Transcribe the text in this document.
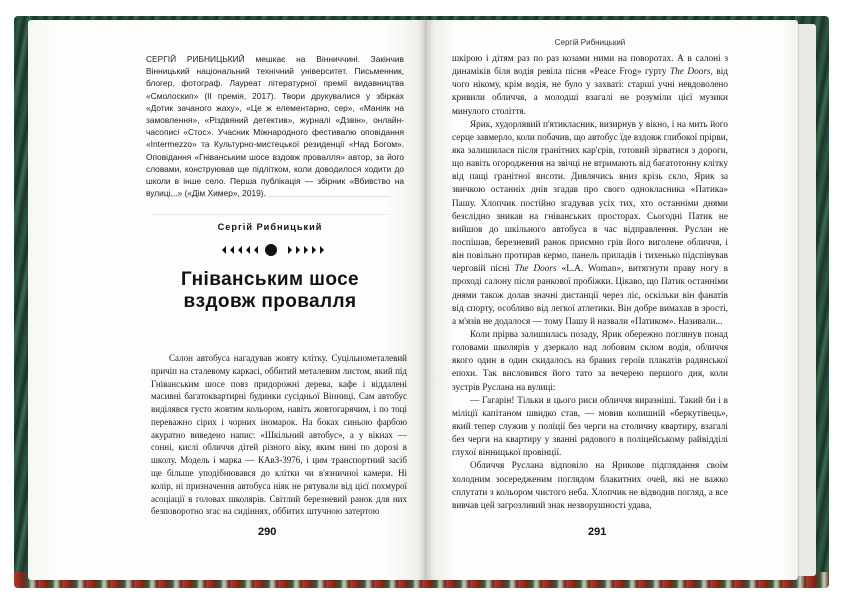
СЕРГІЙ РИБНИЦЬКИЙ мешкає на Вінниччині. Закінчив Вінницький національний технічний університет. Письменник, блогер, фотограф. Лауреат літературної премії видавництва «Смолоскип» (ІІ премія, 2017). Твори друкувалися у збірках «Дотик зачаного жаху», «Це ж елементарно, сер», «Маніяк на замовлення», «Різдвяний детектив», журналі «Дзвін», онлайн-часописі «Стос». Учасник Міжнародного фестивалю оповідання «Intermezzo» та Культурно-мистецької резиденції «Над Богом». Оповідання «Гніванським шосе вздовж провалля» автор, за його словами, конструював ще підлітком, коли доводилося ходити до школи в інше село. Перша публікація — збірник «Вбивство на вулиці...» («Дім Химер», 2019).

Сергій Рибницький
Гніванським шосе
вздовж провалля

Салон автобуса нагадував жовту клітку. Суцільнометалевий причіп на сталевому каркасі, оббитий металевим листом, який під Гніванським шосе повз придорожні дерева, кафе і віддалені масивні багатоквартирні будинки сусідньої Вінниці. Сам автобус виділявся густо жовтим кольором, навіть жовтогарячим, і по тоці переважно сірих і чорних іномарок. На боках синьою фарбою акуратно виведено напис: «Шкільний автобус», а у вікнах — сонні, кислі обличчя дітей різного віку, яким нині по дорозі в школу. Модель і марка — КАвЗ-3976, і цим транспортний засіб ще більше уподібнювався до клітки чи в'язничної камери. Ні колір, ні призначення автобуса ніяк не рятували від цієї похмурої асоціації в головах школярів. Світлий березневий ранок для них безповоротно згас на сидіннях, оббитих штучною затертою

290
Сергій Рибницький

шкірою і дітям раз по раз козами ними на поворотах. А в салоні з динаміків біля водія ревіла пісня «Peace Frog» гурту The Doors, від чого нікому, крім водія, не було у захваті: старші учні невдоволено кривили обличчя, а молодші взагалі не розуміли цієї музики минулого століття.

Ярик, худорлявий п'ятикласник, визирнув у вікно, і на мить його серце завмерло, коли побачив, що автобус їде вздовж глибокої прірви, яка залишилася після гранітних кар'єрів, готовий зірватися з дороги, що навіть огородження на звічці не втримають від багатотонну клітку від пащі гранітної висоти. Дивлячись вниз крізь скло, Ярик за звичкою останніх днів згадав про свого однокласника «Патика» Пашу. Хлопчик постійно згадував усіх тих, хто останніми днями безслідно зникав на гніванських просторах. Сьогодні Патик не вийшов до шкільного автобуса в час відправлення. Руслан не поспішав, березневий ранок приємно грів його виголене обличчя, і він повільно протирав кермо, панель приладів і тихенько підспівував черговій пісні The Doors «L.A. Woman», витягнути праву ногу в проході салону після ранкової пробіжки. Цікаво, що Патик останніми днями також долав значні дистанції через ліс, оскільки він фанатів від спорту, особливо від легкої атлетики. Він добре вимахав в зрості, а м'язів не додалося — тому Пашу й назвали «Патиком». Називали...

Коли прірва залишилась позаду, Ярик обережно поглянув понад головами школярів у дзеркало над лобовим склом водія, обличчя якого один в один скидалось на бравих героїв плакатів радянської епохи. Так висловився його тато за вечерею першого дня, коли зустрів Руслана на вулиці:

— Гагарін! Тільки в цього риси обличчя виразніші. Такий би і в міліції капітаном швидко став, — мовив колишній «беркутівець», який тепер служив у поліції без черги на столичну квартиру, взагалі без черги на квартиру у званні рядового в поліцейському райвідділі глухої вінницької провінції.

Обличчя Руслана відповіло на Ярикове підглядання своїм холодним зосередженим поглядом блакитних очей, які не важко сплутати з кольором чистого неба. Хлопчик не відводив погляд, а все вивчав цей загрозливий знак незворушності удава,

291
